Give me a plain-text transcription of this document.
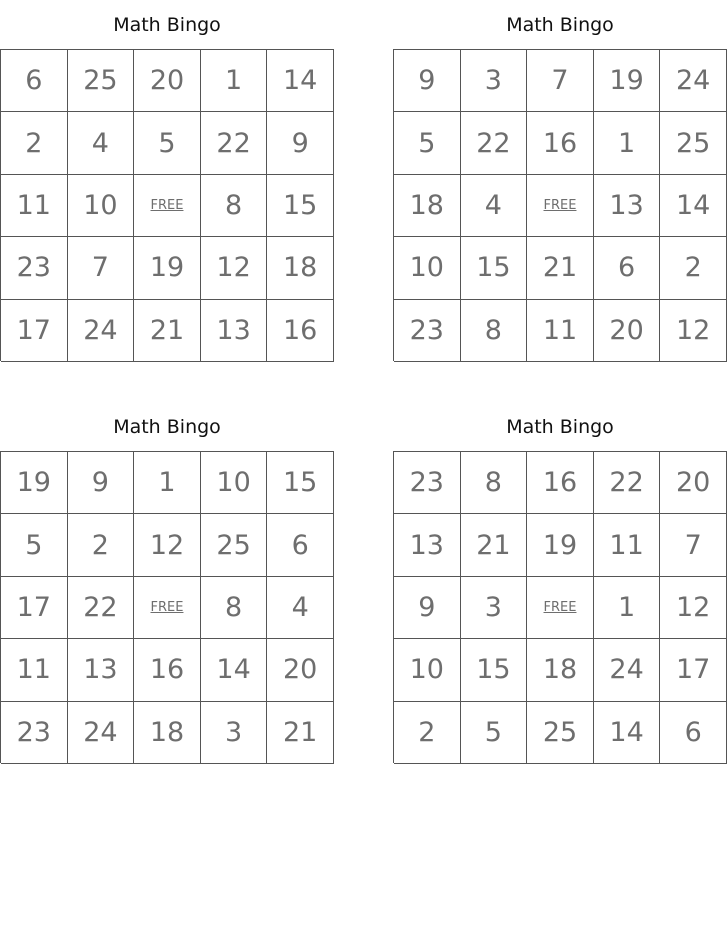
Math Bingo
6	25	20	1	14
2	4	5	22	9
11	10	FREE	8	15
23	7	19	12	18
17	24	21	13	16
Math Bingo
9	3	7	19	24
5	22	16	1	25
18	4	FREE	13	14
10	15	21	6	2
23	8	11	20	12
Math Bingo
19	9	1	10	15
5	2	12	25	6
17	22	FREE	8	4
11	13	16	14	20
23	24	18	3	21
Math Bingo
23	8	16	22	20
13	21	19	11	7
9	3	FREE	1	12
10	15	18	24	17
2	5	25	14	6
